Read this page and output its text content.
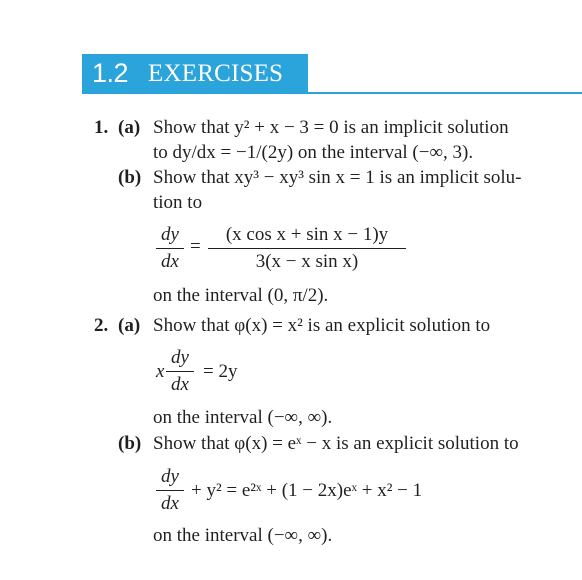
1.2 EXERCISES
1. (a) Show that y² + x − 3 = 0 is an implicit solution
to dy/dx = −1/(2y) on the interval (−∞, 3).
(b) Show that xy³ − xy³ sin x = 1 is an implicit solu-
tion to
dy
dx
=
(x cos x + sin x − 1)y
3(x − x sin x)
on the interval (0, π/2).
2. (a) Show that φ(x) = x² is an explicit solution to
x
dy
dx
= 2y
on the interval (−∞, ∞).
(b) Show that φ(x) = eˣ − x is an explicit solution to
dy
dx
+ y² = e²ˣ + (1 − 2x)eˣ + x² − 1
on the interval (−∞, ∞).
